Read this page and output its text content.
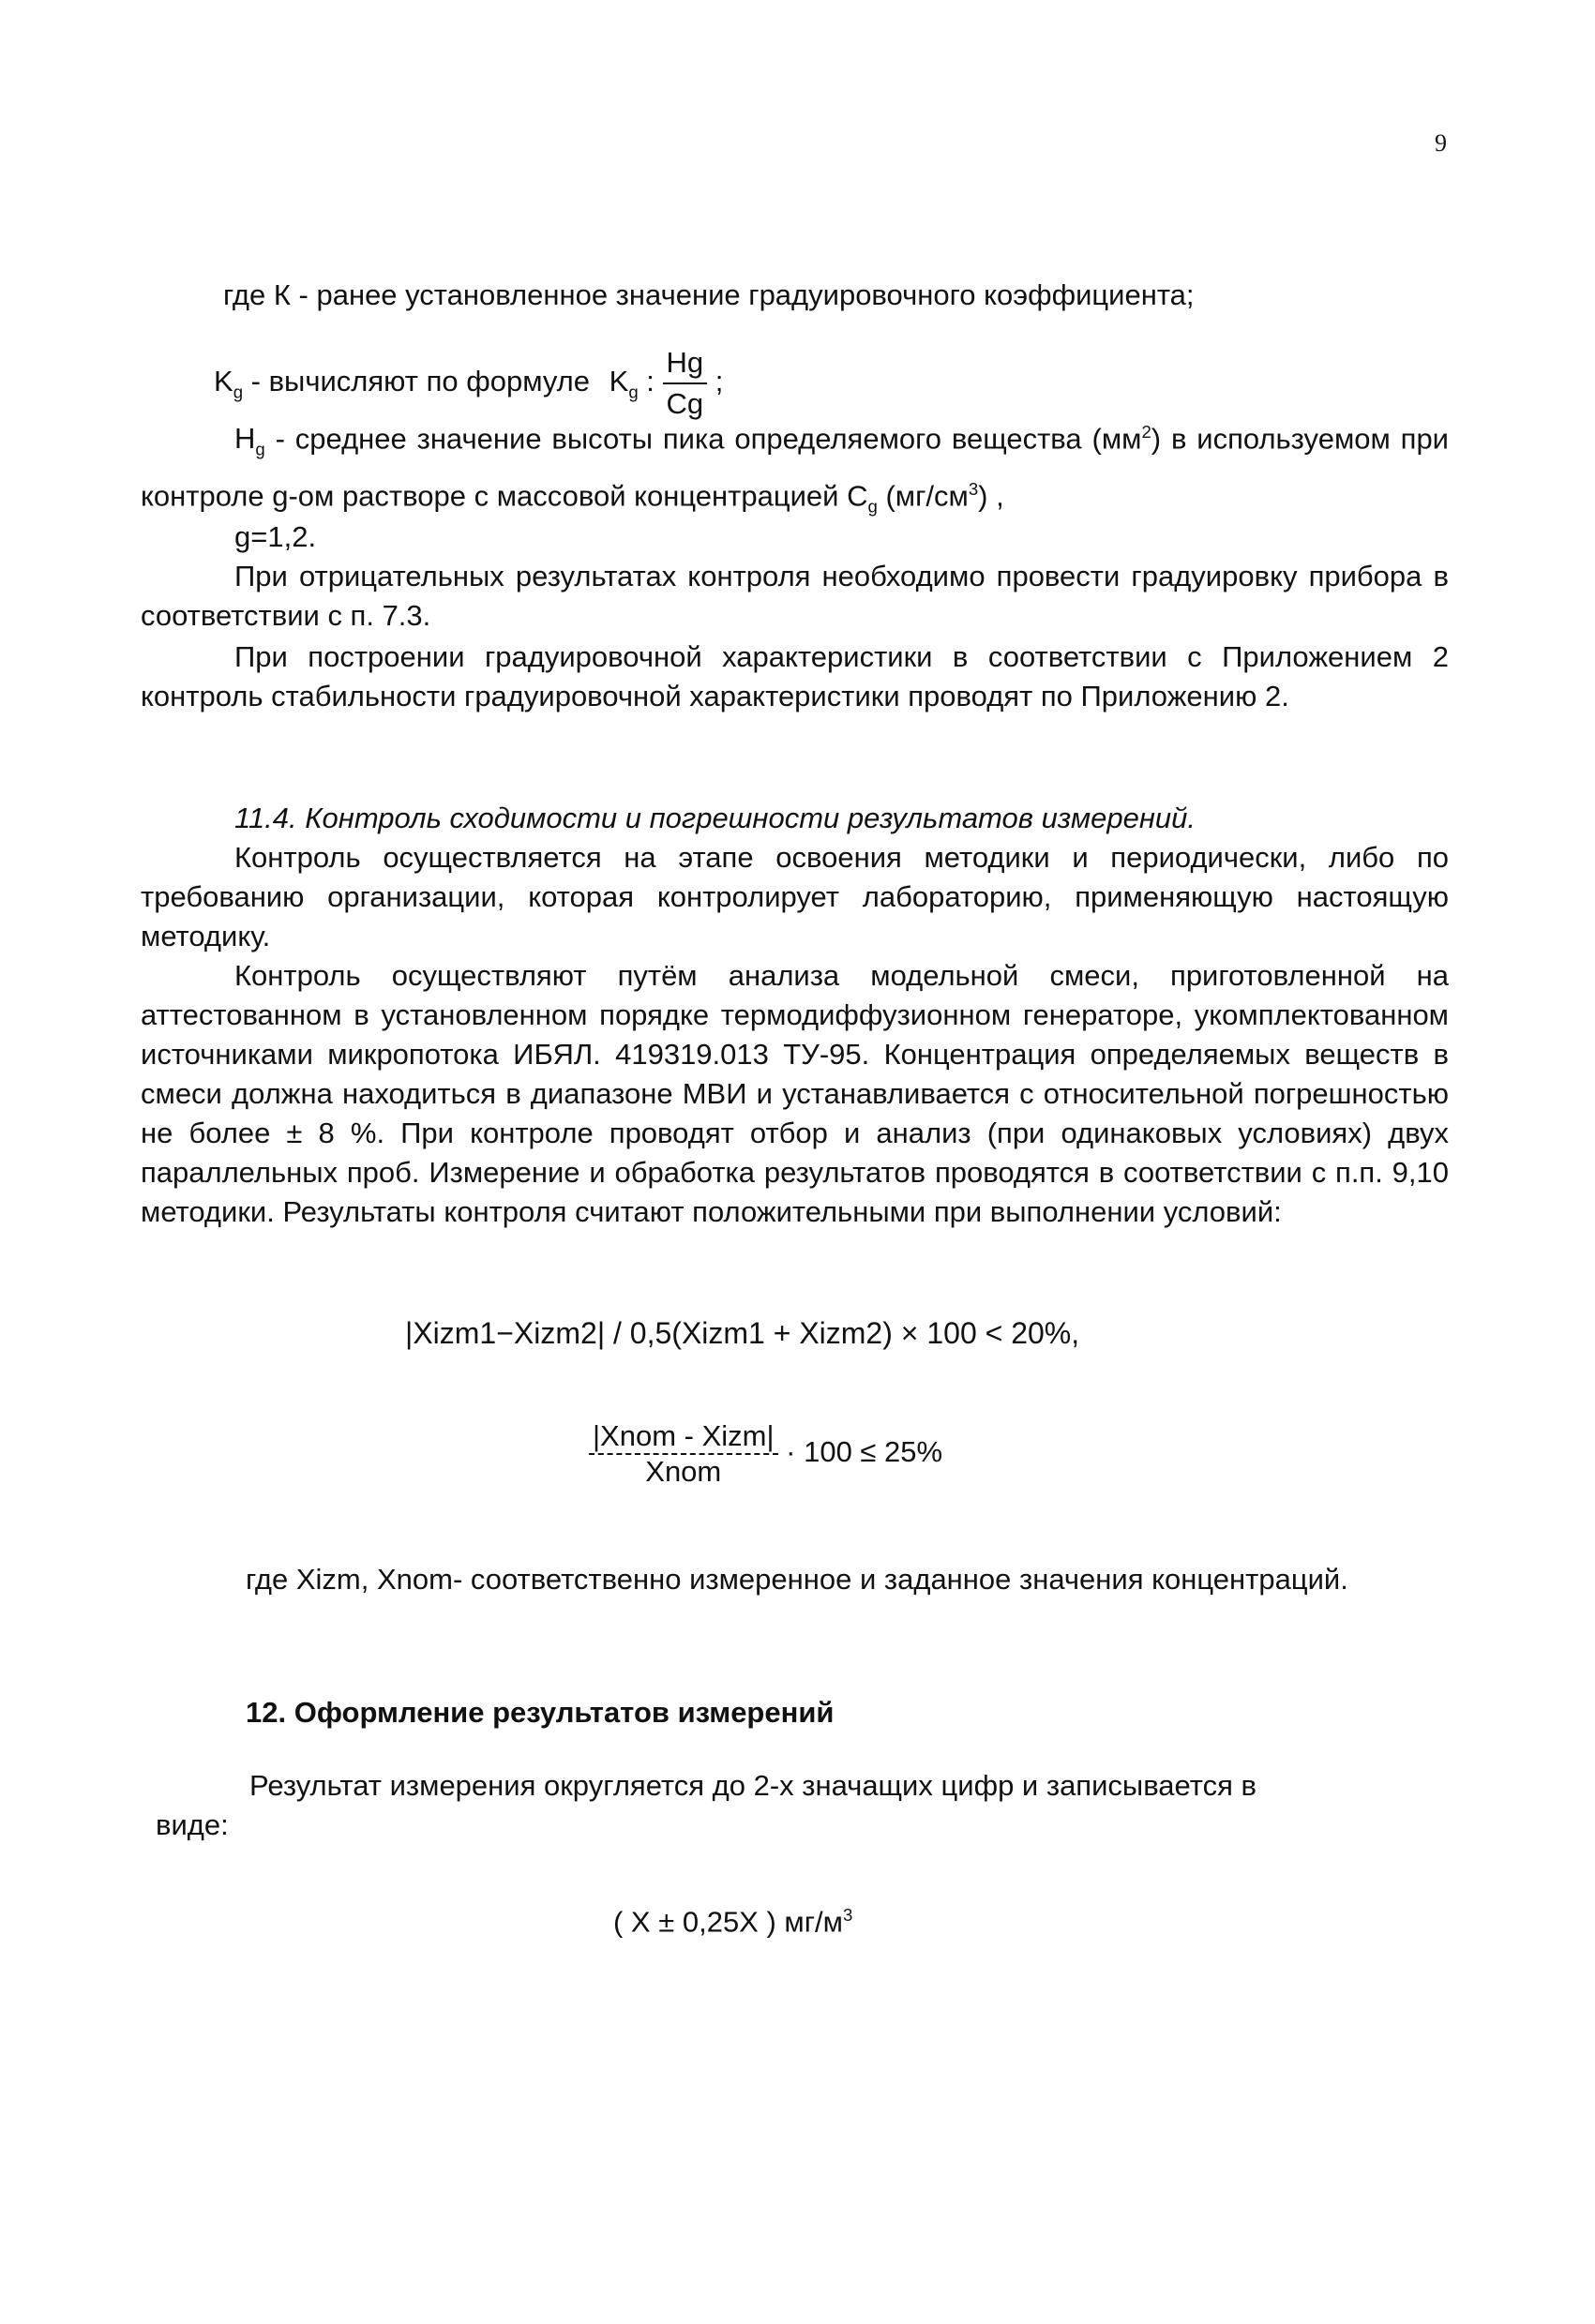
9
где К - ранее установленное значение градуировочного коэффициента;
$K_g$ - вычисляют по формуле $K_g$ : $\frac{Hg}{Cg}$ ;
$H_g$ - среднее значение высоты пика определяемого вещества $(мм^2)$ в используемом при контроле g-ом растворе с массовой концентрацией $C_g$ $(мг/см^3)$ ,
g=1,2.
При отрицательных результатах контроля необходимо провести градуировку прибора в соответствии с п. 7.3.
При построении градуировочной характеристики в соответствии с Приложением 2 контроль стабильности градуировочной характеристики проводят по Приложению 2.
11.4. Контроль сходимости и погрешности результатов измерений.
Контроль осуществляется на этапе освоения методики и периодически, либо по требованию организации, которая контролирует лабораторию, применяющую настоящую методику.
Контроль осуществляют путём анализа модельной смеси, приготовленной на аттестованном в установленном порядке термодиффузионном генераторе, укомплектованном источниками микропотока ИБЯЛ. 419319.013 ТУ-95. Концентрация определяемых веществ в смеси должна находиться в диапазоне МВИ и устанавливается с относительной погрешностью не более ± 8 %. При контроле проводят отбор и анализ (при одинаковых условиях) двух параллельных проб. Измерение и обработка результатов проводятся в соответствии с п.п. 9,10 методики. Результаты контроля считают положительными при выполнении условий:
|Xizm1−Xizm2| / 0,5(Xizm1 + Xizm2) × 100 < 20%,
$\frac{\text{|Xnom - Xizm|}}{\text{Xnom}} \cdot 100 \le 25\%$
где Xizm, Xnom- соответственно измеренное и заданное значения концентраций.
12. Оформление результатов измерений
Результат измерения округляется до 2-х значащих цифр и записывается в
виде:
( X ± 0,25X ) $мг/м^3$
